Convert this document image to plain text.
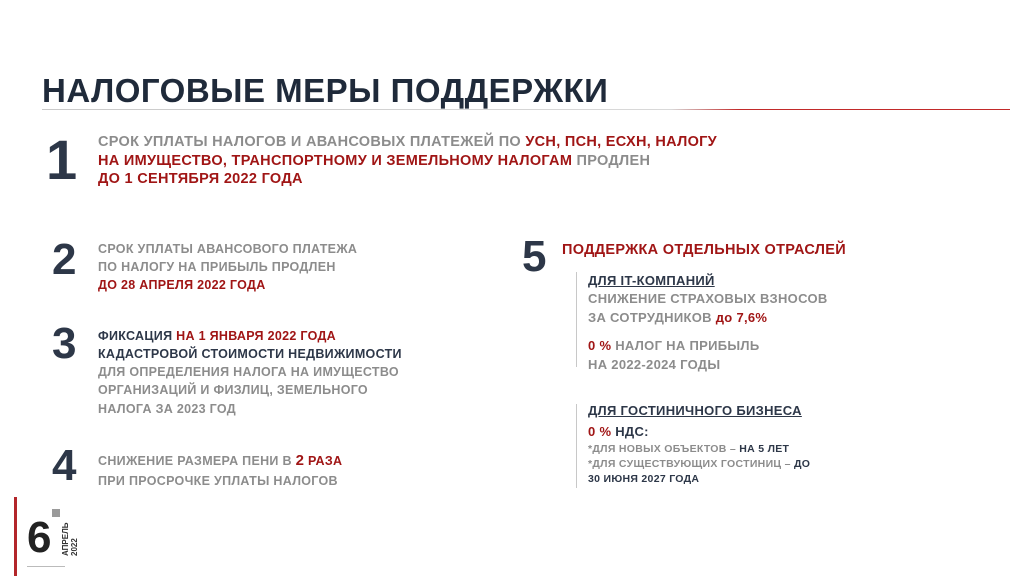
НАЛОГОВЫЕ МЕРЫ ПОДДЕРЖКИ
1 СРОК УПЛАТЫ НАЛОГОВ И АВАНСОВЫХ ПЛАТЕЖЕЙ ПО УСН, ПСН, ЕСХН, НАЛОГУ
НА ИМУЩЕСТВО, ТРАНСПОРТНОМУ И ЗЕМЕЛЬНОМУ НАЛОГАМ ПРОДЛЕН
ДО 1 СЕНТЯБРЯ 2022 ГОДА
2 СРОК УПЛАТЫ АВАНСОВОГО ПЛАТЕЖА
ПО НАЛОГУ НА ПРИБЫЛЬ ПРОДЛЕН
ДО 28 АПРЕЛЯ 2022 ГОДА
3 ФИКСАЦИЯ НА 1 ЯНВАРЯ 2022 ГОДА
КАДАСТРОВОЙ СТОИМОСТИ НЕДВИЖИМОСТИ
ДЛЯ ОПРЕДЕЛЕНИЯ НАЛОГА НА ИМУЩЕСТВО
ОРГАНИЗАЦИЙ И ФИЗЛИЦ, ЗЕМЕЛЬНОГО
НАЛОГА ЗА 2023 ГОД
4 СНИЖЕНИЕ РАЗМЕРА ПЕНИ В 2 РАЗА
ПРИ ПРОСРОЧКЕ УПЛАТЫ НАЛОГОВ
5 ПОДДЕРЖКА ОТДЕЛЬНЫХ ОТРАСЛЕЙ
ДЛЯ IT-КОМПАНИЙ
СНИЖЕНИЕ СТРАХОВЫХ ВЗНОСОВ
ЗА СОТРУДНИКОВ до 7,6%
0 % НАЛОГ НА ПРИБЫЛЬ
НА 2022-2024 ГОДЫ
ДЛЯ ГОСТИНИЧНОГО БИЗНЕСА
0 % НДС:
*ДЛЯ НОВЫХ ОБЪЕКТОВ – НА 5 ЛЕТ
*ДЛЯ СУЩЕСТВУЮЩИХ ГОСТИНИЦ – ДО
30 ИЮНЯ 2027 ГОДА
6 АПРЕЛЬ 2022
